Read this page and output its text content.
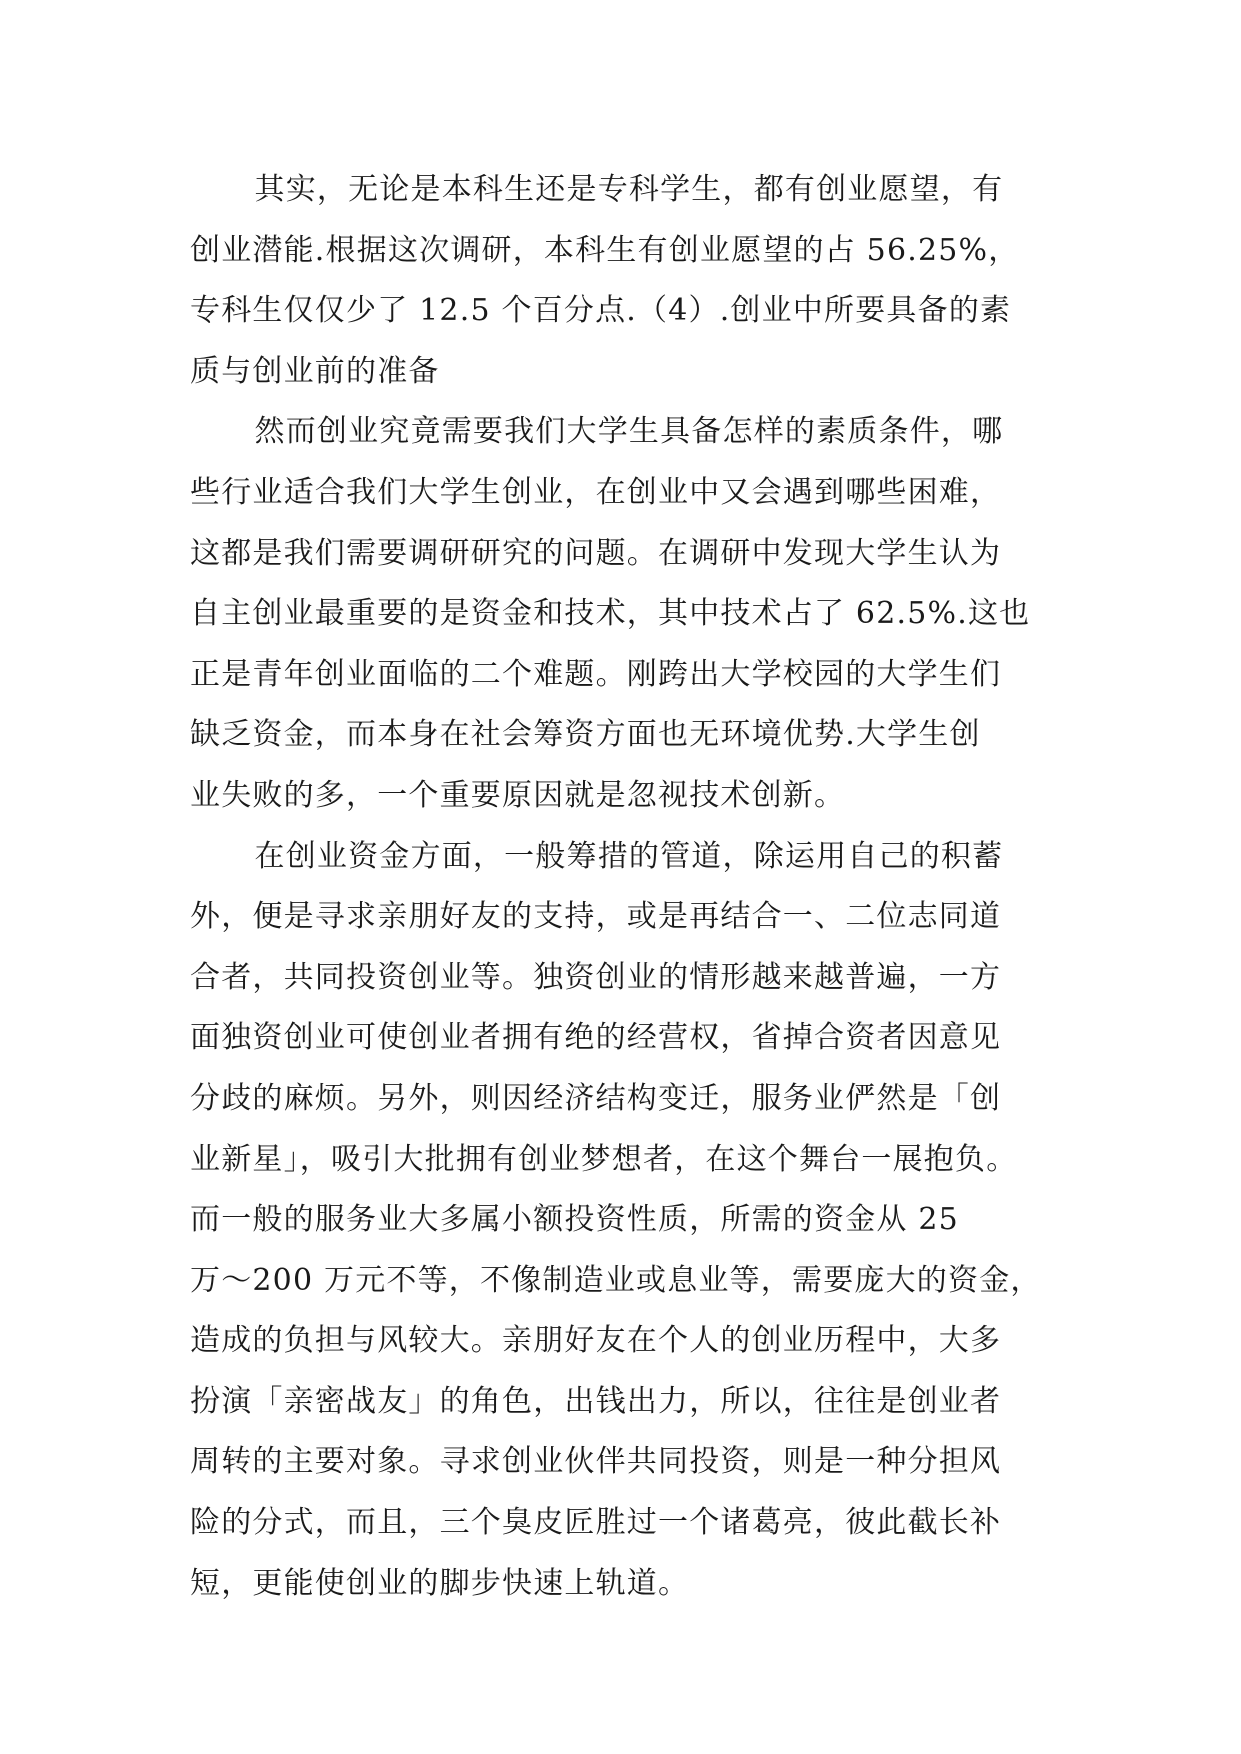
其实，无论是本科生还是专科学生，都有创业愿望，有
创业潜能.根据这次调研，本科生有创业愿望的占 56.25%，
专科生仅仅少了 12.5 个百分点.（4）.创业中所要具备的素
质与创业前的准备

然而创业究竟需要我们大学生具备怎样的素质条件，哪
些行业适合我们大学生创业，在创业中又会遇到哪些困难，
这都是我们需要调研研究的问题。在调研中发现大学生认为
自主创业最重要的是资金和技术，其中技术占了 62.5%.这也
正是青年创业面临的二个难题。刚跨出大学校园的大学生们
缺乏资金，而本身在社会筹资方面也无环境优势.大学生创
业失败的多，一个重要原因就是忽视技术创新。

在创业资金方面，一般筹措的管道，除运用自己的积蓄
外，便是寻求亲朋好友的支持，或是再结合一、二位志同道
合者，共同投资创业等。独资创业的情形越来越普遍，一方
面独资创业可使创业者拥有绝的经营权，省掉合资者因意见
分歧的麻烦。另外，则因经济结构变迁，服务业俨然是「创
业新星」，吸引大批拥有创业梦想者，在这个舞台一展抱负。
而一般的服务业大多属小额投资性质，所需的资金从 25
万～200 万元不等，不像制造业或息业等，需要庞大的资金，
造成的负担与风较大。亲朋好友在个人的创业历程中，大多
扮演「亲密战友」的角色，出钱出力，所以，往往是创业者
周转的主要对象。寻求创业伙伴共同投资，则是一种分担风
险的分式，而且，三个臭皮匠胜过一个诸葛亮，彼此截长补
短，更能使创业的脚步快速上轨道。
